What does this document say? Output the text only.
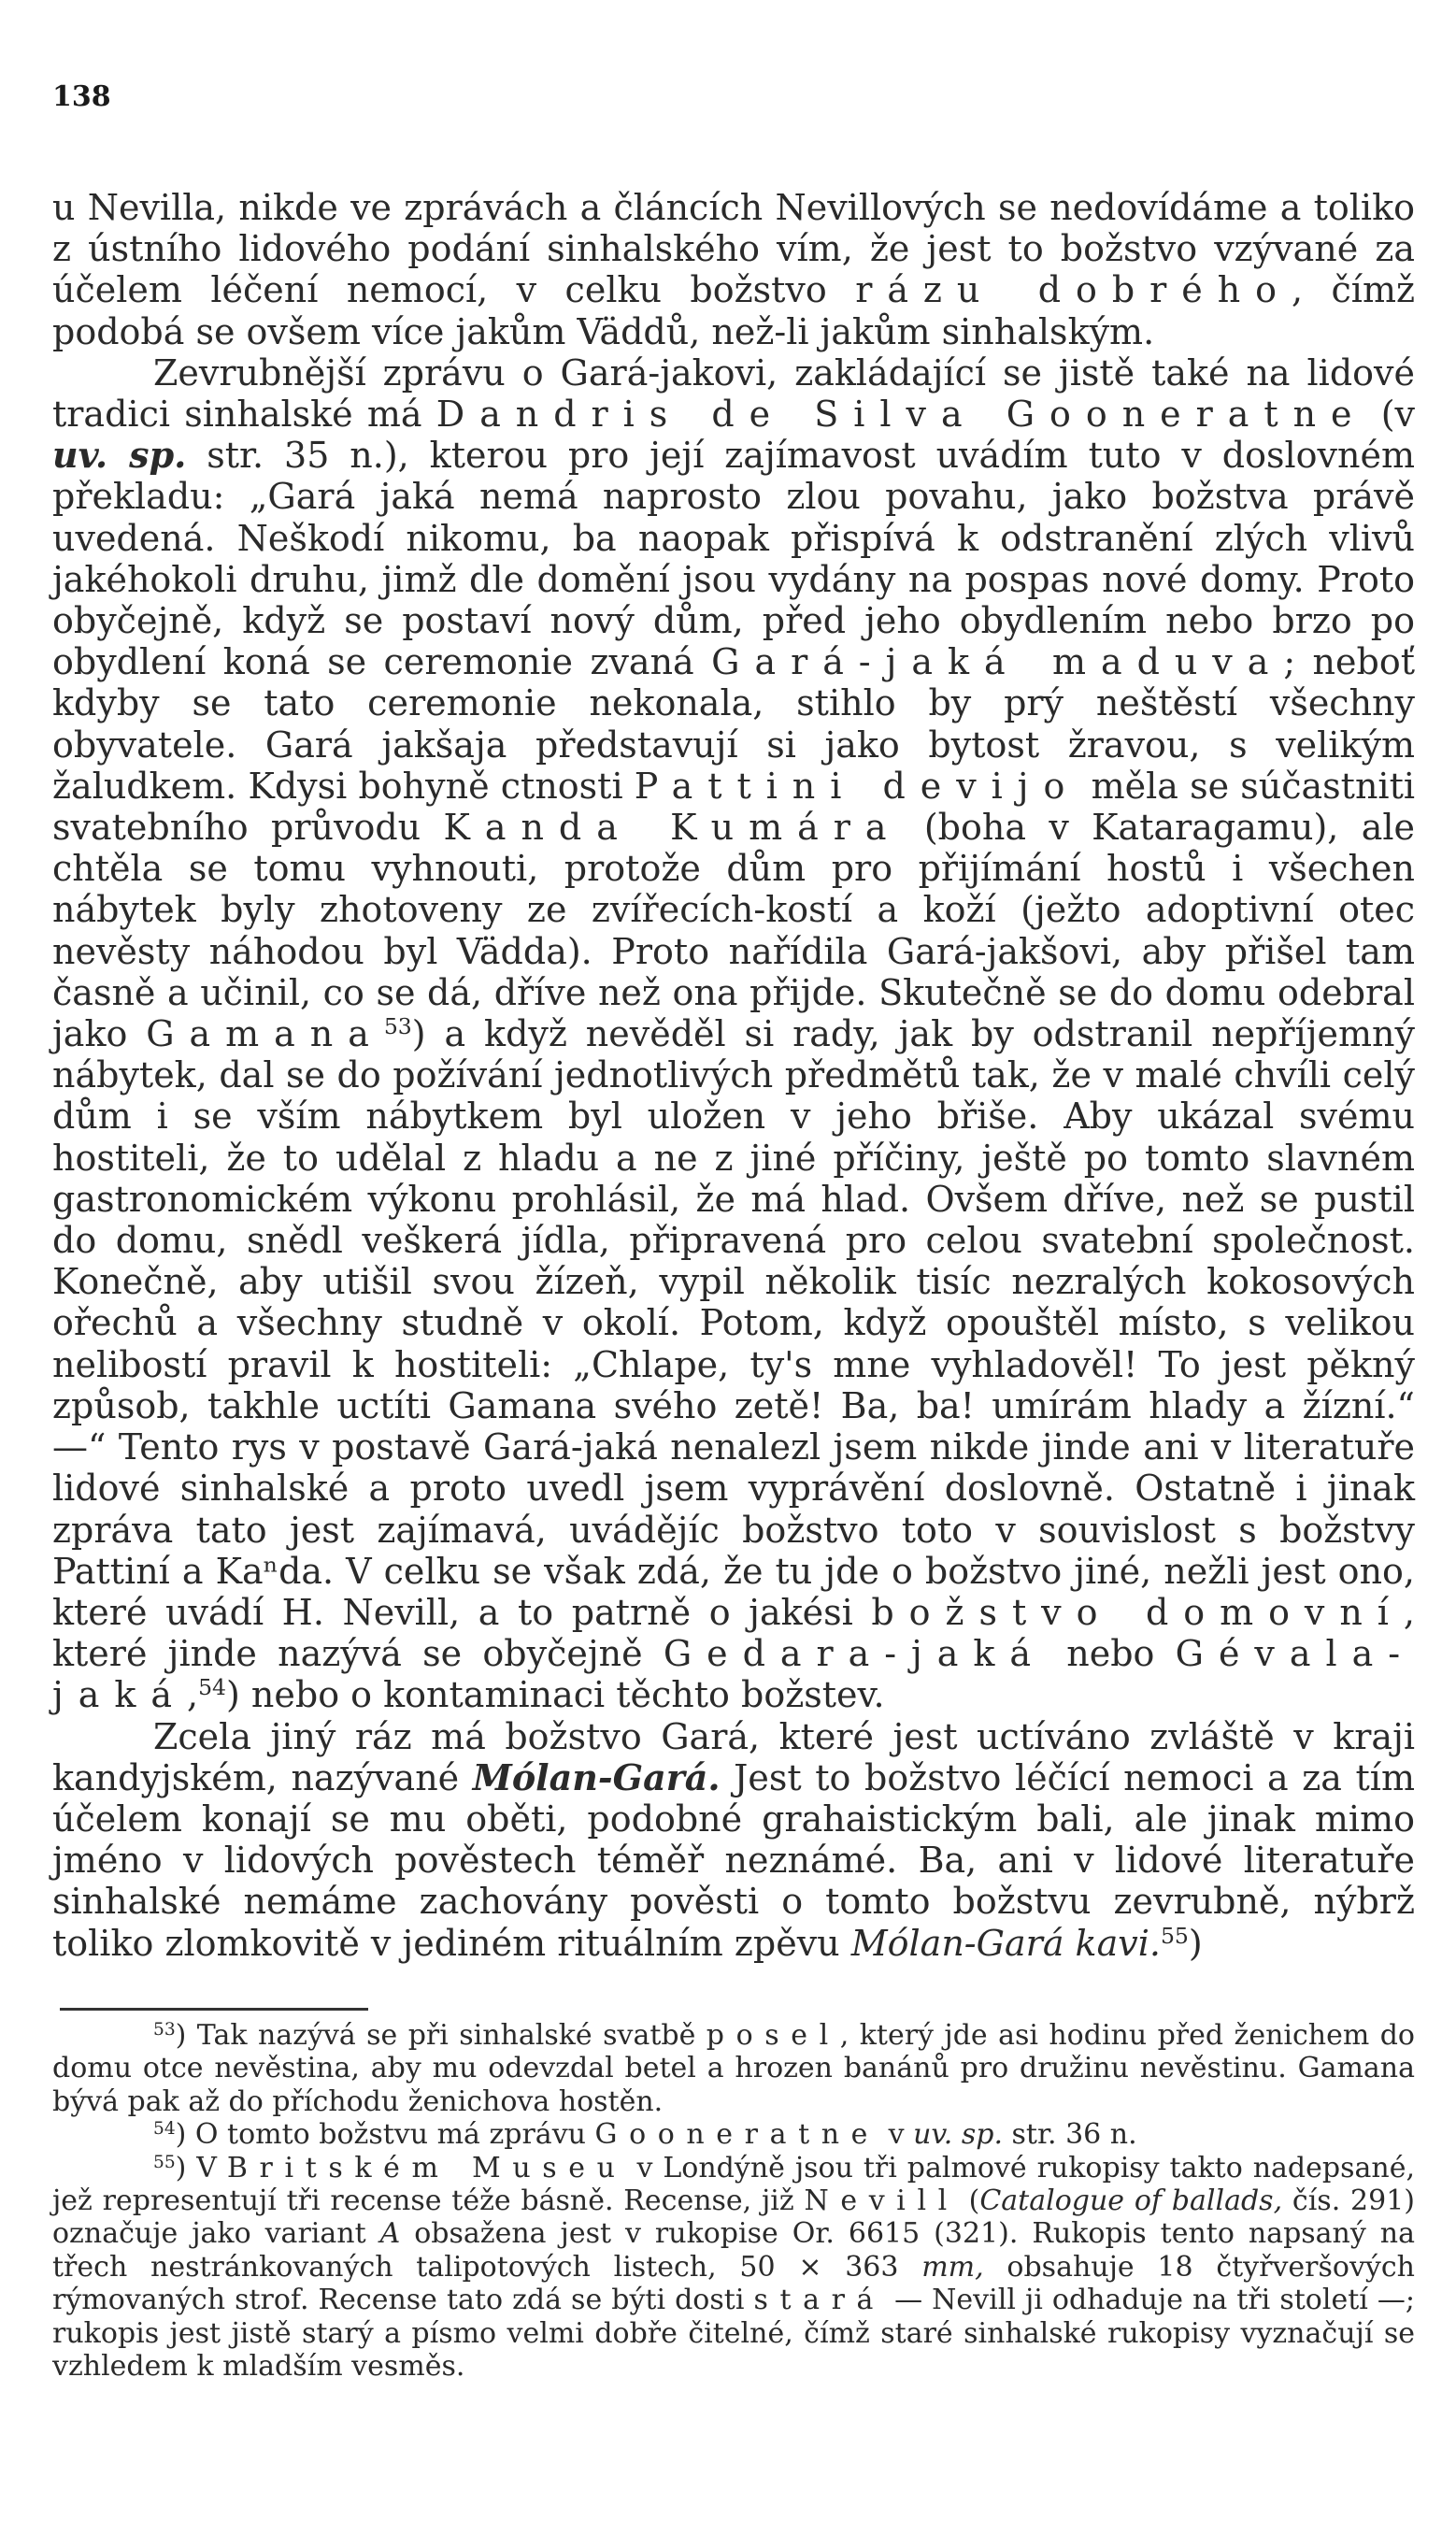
138

u Nevilla, nikde ve zprávách a článcích Nevillových se nedovídáme a toliko z ústního lidového podání sinhalského vím, že jest to božstvo vzývané za účelem léčení nemocí, v celku božstvo rázu dobrého, čímž podobá se ovšem více jakům Väddů, než-li jakům sinhalským.

Zevrubnější zprávu o Gará-jakovi, zakládající se jistě také na lidové tradici sinhalské má Dandris de Silva Gooneratne (v uv. sp. str. 35 n.), kterou pro její zajímavost uvádím tuto v doslovném překladu: „Gará jaká nemá naprosto zlou povahu, jako božstva právě uvedená. Neškodí nikomu, ba naopak přispívá k odstranění zlých vlivů jakéhokoli druhu, jimž dle domění jsou vydány na pospas nové domy. Proto obyčejně, když se postaví nový dům, před jeho obydlením nebo brzo po obydlení koná se ceremonie zvaná Gará-jaká maduva; neboť kdyby se tato ceremonie nekonala, stihlo by prý neštěstí všechny obyvatele. Gará jakšaja představují si jako bytost žravou, s velikým žaludkem. Kdysi bohyně ctnosti Pattini devijo měla se súčastniti svatebního průvodu Kanda Kumára (boha v Kataragamu), ale chtěla se tomu vyhnouti, protože dům pro přijímání hostů i všechen nábytek byly zhotoveny ze zvířecích-kostí a koží (ježto adoptivní otec nevěsty náhodou byl Vädda). Proto nařídila Gará-jakšovi, aby přišel tam časně a učinil, co se dá, dříve než ona přijde. Skutečně se do domu odebral jako Gamana$^{53}$) a když nevěděl si rady, jak by odstranil nepříjemný nábytek, dal se do požívání jednotlivých předmětů tak, že v malé chvíli celý dům i se vším nábytkem byl uložen v jeho břiše. Aby ukázal svému hostiteli, že to udělal z hladu a ne z jiné příčiny, ještě po tomto slavném gastronomickém výkonu prohlásil, že má hlad. Ovšem dříve, než se pustil do domu, snědl veškerá jídla, připravená pro celou svatební společnost. Konečně, aby utišil svou žízeň, vypil několik tisíc nezralých kokosových ořechů a všechny studně v okolí. Potom, když opouštěl místo, s velikou nelibostí pravil k hostiteli: „Chlape, ty's mne vyhladověl! To jest pěkný způsob, takhle uctíti Gamana svého zetě! Ba, ba! umírám hlady a žízní.“ —“ Tento rys v postavě Gará-jaká nenalezl jsem nikde jinde ani v literatuře lidové sinhalské a proto uvedl jsem vyprávění doslovně. Ostatně i jinak zpráva tato jest zajímavá, uvádějíc božstvo toto v souvislost s božstvy Pattiní a Kaⁿda. V celku se však zdá, že tu jde o božstvo jiné, nežli jest ono, které uvádí H. Nevill, a to patrně o jakési božstvo domovní, které jinde nazývá se obyčejně Gedara-jaká nebo Gévala-jaká,$^{54}$) nebo o kontaminaci těchto božstev.

Zcela jiný ráz má božstvo Gará, které jest uctíváno zvláště v kraji kandyjském, nazývané Mólan-Gará. Jest to božstvo léčící nemoci a za tím účelem konají se mu oběti, podobné grahaistickým bali, ale jinak mimo jméno v lidových pověstech téměř neznámé. Ba, ani v lidové literatuře sinhalské nemáme zachovány pověsti o tomto božstvu zevrubně, nýbrž toliko zlomkovitě v jediném rituálním zpěvu Mólan-Gará kavi.$^{55}$)

$^{53}$) Tak nazývá se při sinhalské svatbě posel, který jde asi hodinu před ženichem do domu otce nevěstina, aby mu odevzdal betel a hrozen banánů pro družinu nevěstinu. Gamana bývá pak až do příchodu ženichova hostěn.

$^{54}$) O tomto božstvu má zprávu Gooneratne v uv. sp. str. 36 n.

$^{55}$) V Britském Museu v Londýně jsou tři palmové rukopisy takto nadepsané, jež representují tři recense téže básně. Recense, již Nevill (Catalogue of ballads, čís. 291) označuje jako variant A obsažena jest v rukopise Or. 6615 (321). Rukopis tento napsaný na třech nestránkovaných talipotových listech, 50 × 363 mm, obsahuje 18 čtyřveršových rýmovaných strof. Recense tato zdá se býti dosti stará — Nevill ji odhaduje na tři století —; rukopis jest jistě starý a písmo velmi dobře čitelné, čímž staré sinhalské rukopisy vyznačují se vzhledem k mladším vesměs.
